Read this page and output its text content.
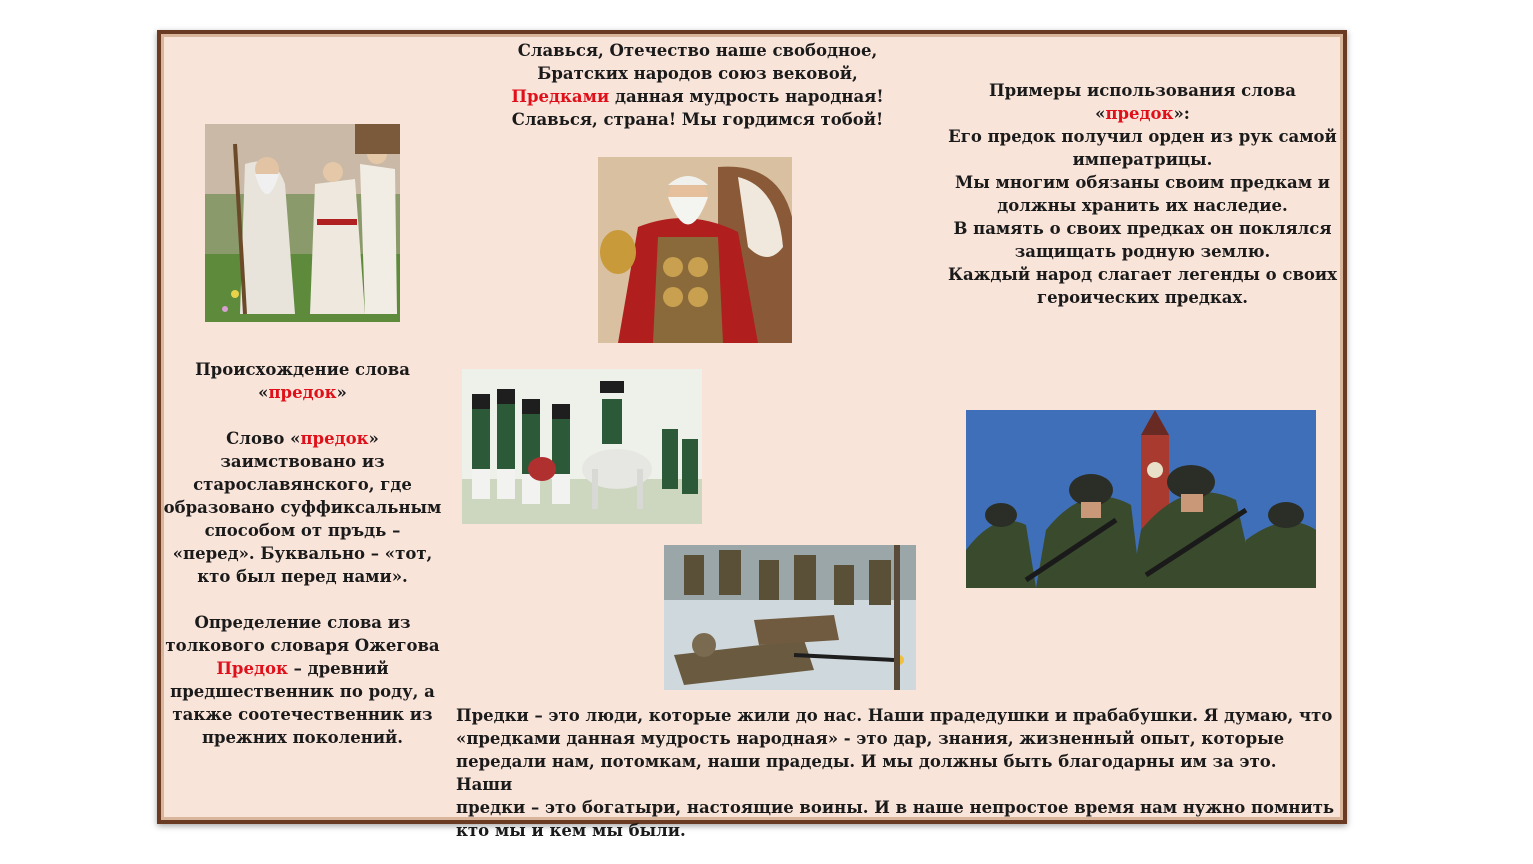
Славься, Отечество наше свободное,
Братских народов союз вековой,
Предками данная мудрость народная!
Славься, страна! Мы гордимся тобой!
Примеры использования слова
«предок»:
Его предок получил орден из рук самой
императрицы.
Мы многим обязаны своим предкам и
должны хранить их наследие.
В память о своих предках он поклялся
защищать родную землю.
Каждый народ слагает легенды о своих
героических предках.
Происхождение слова
«предок»
Слово «предок»
заимствовано из
старославянского, где
образовано суффиксальным
способом от пръдь –
«перед». Буквально – «тот,
кто был перед нами».
Определение слова из
толкового словаря Ожегова
Предок – древний
предшественник по роду, а
также соотечественник из
прежних поколений.
Предки – это люди, которые жили до нас. Наши прадедушки и прабабушки. Я думаю, что
«предками данная мудрость народная» - это дар, знания, жизненный опыт, которые
передали нам, потомкам, наши прадеды. И мы должны быть благодарны им за это. Наши
предки – это богатыри, настоящие воины. И в наше непростое время нам нужно помнить
кто мы и кем мы были.
